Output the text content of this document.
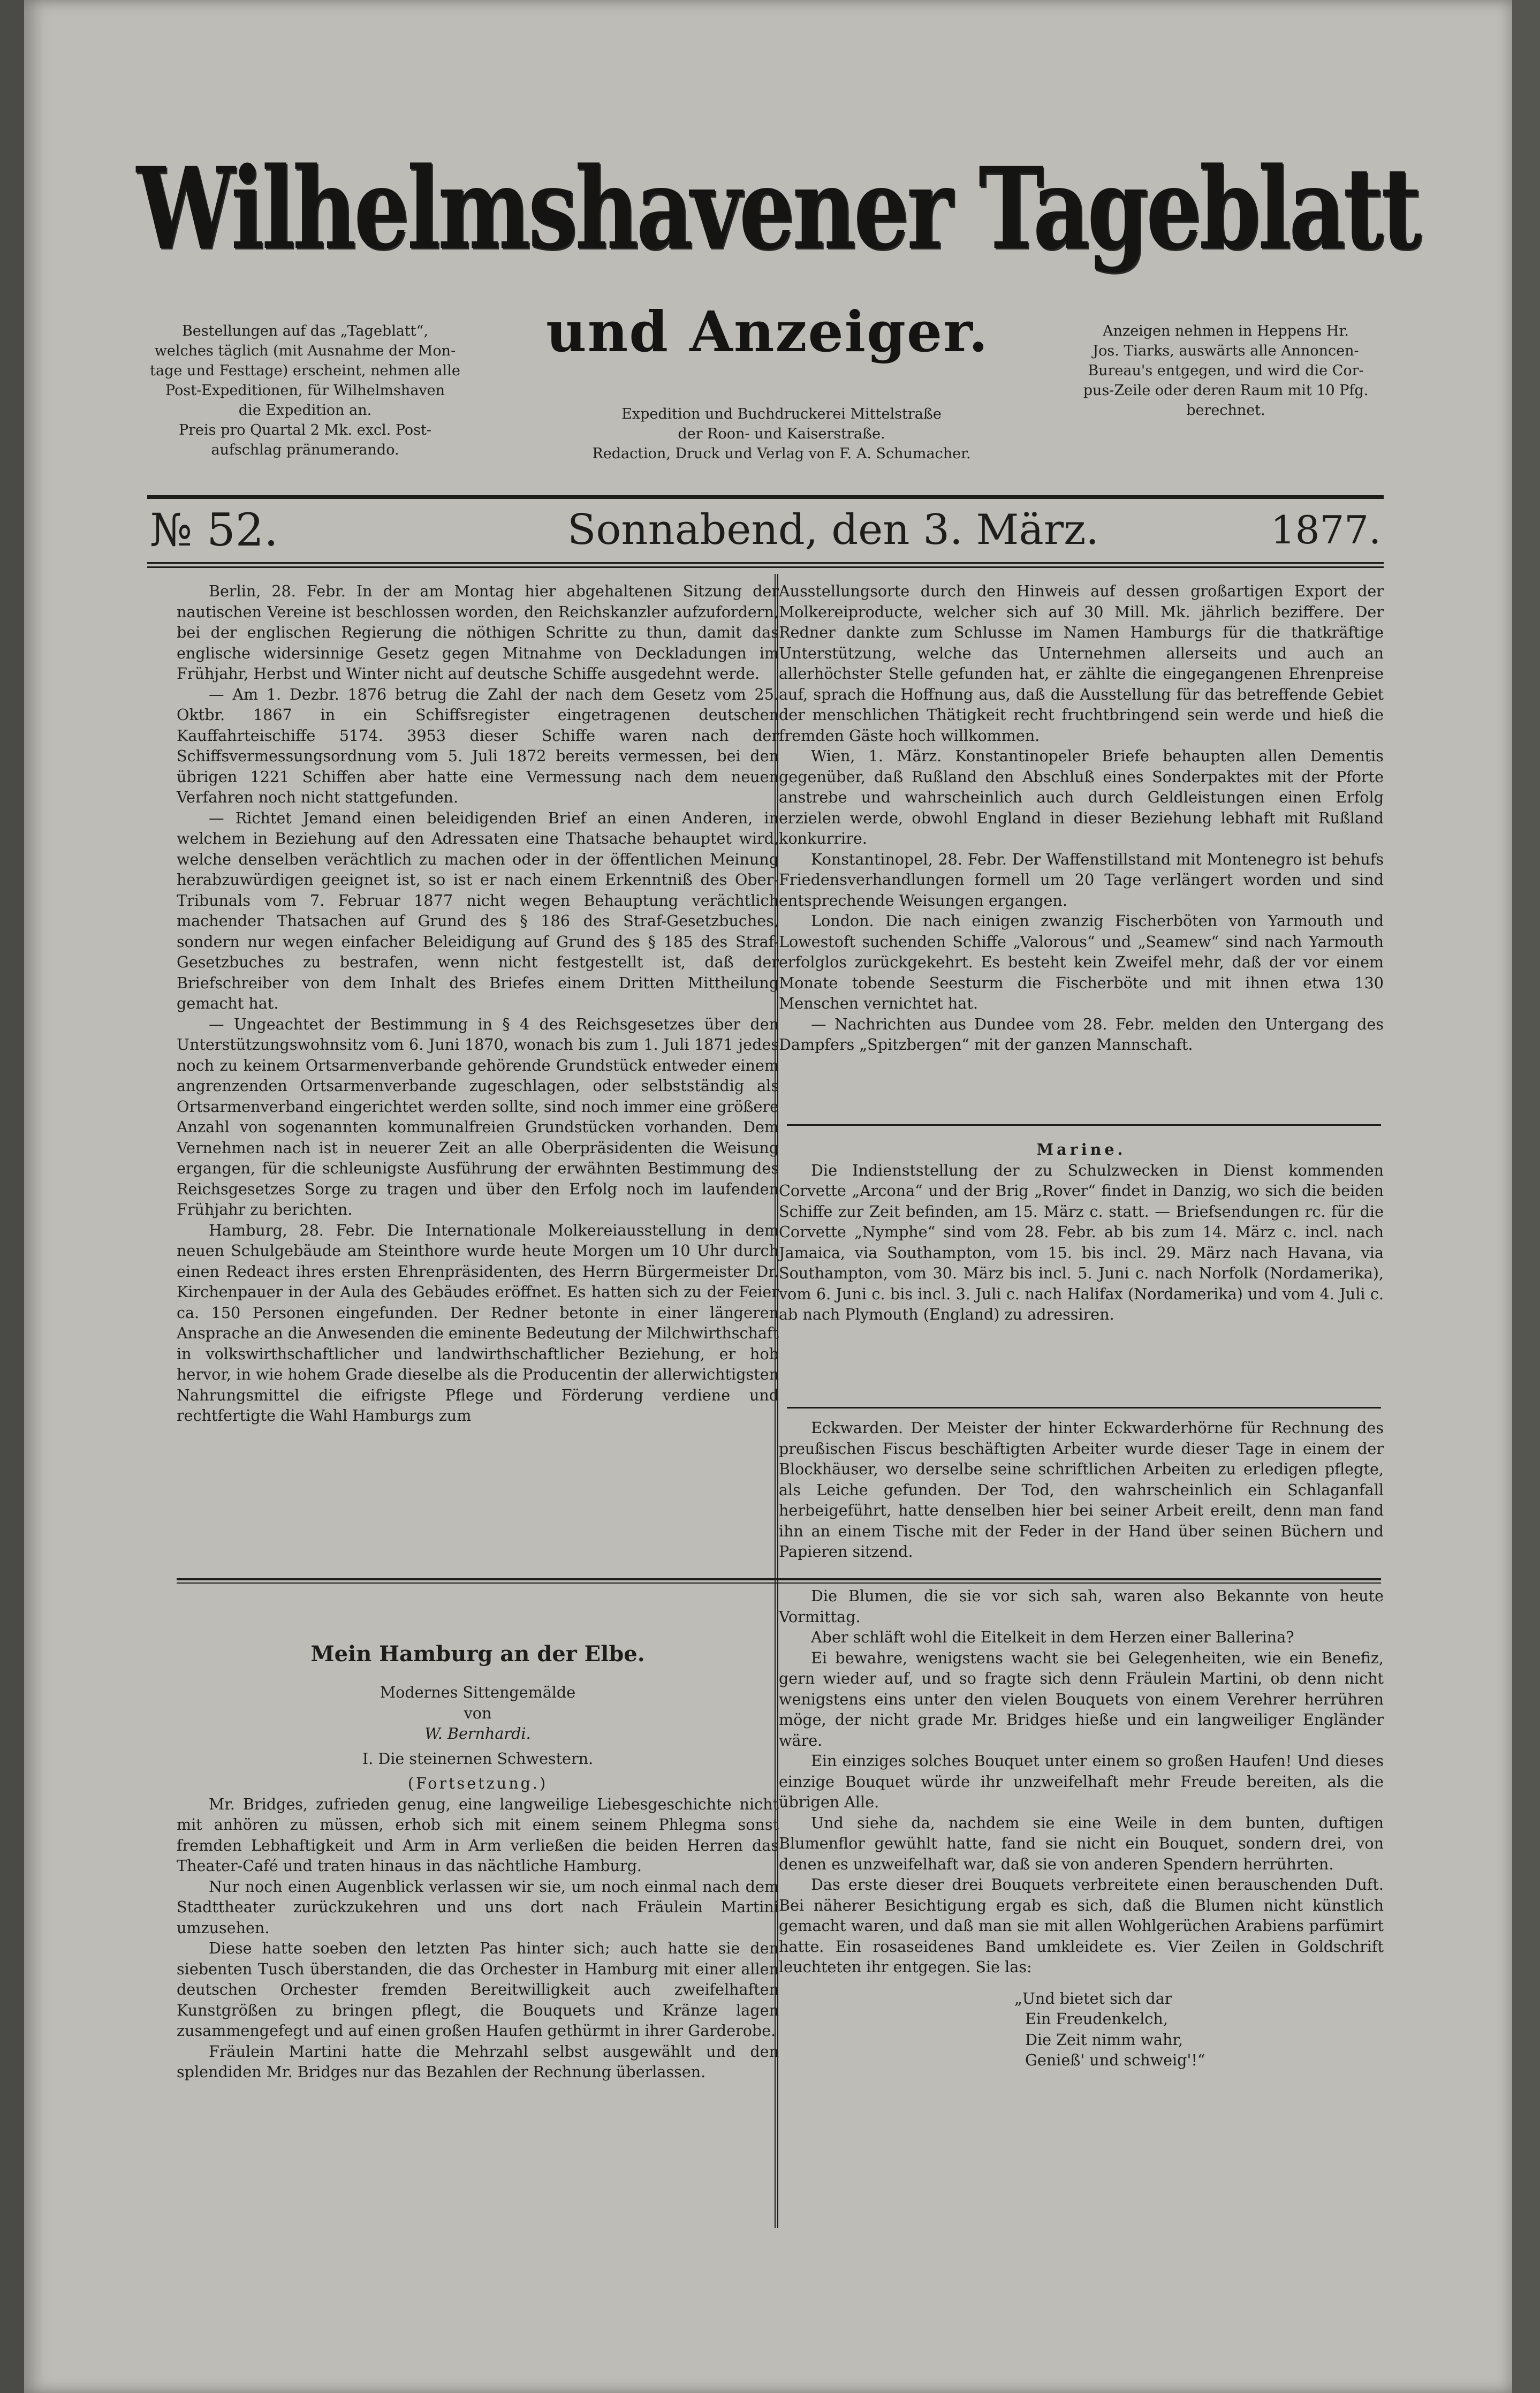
Wilhelmshavener Tageblatt
und Anzeiger.
Bestellungen auf das „Tageblatt“,
welches täglich (mit Ausnahme der Mon-
tage und Festtage) erscheint, nehmen alle
Post-Expeditionen, für Wilhelmshaven
die Expedition an.
Preis pro Quartal 2 Mk. excl. Post-
aufschlag pränumerando.
Anzeigen nehmen in Heppens Hr.
Jos. Tiarks, auswärts alle Annoncen-
Bureau's entgegen, und wird die Cor-
pus-Zeile oder deren Raum mit 10 Pfg.
berechnet.
Expedition und Buchdruckerei Mittelstraße
der Roon- und Kaiserstraße.
Redaction, Druck und Verlag von F. A. Schumacher.
№ 52.	Sonnabend, den 3. März.	1877.

Berlin, 28. Febr. In der am Montag hier abgehaltenen Sitzung der nautischen Vereine ist beschlossen worden, den Reichskanzler aufzufordern, bei der englischen Regierung die nöthigen Schritte zu thun, damit das englische widersinnige Gesetz gegen Mitnahme von Deckladungen im Frühjahr, Herbst und Winter nicht auf deutsche Schiffe ausgedehnt werde.

— Am 1. Dezbr. 1876 betrug die Zahl der nach dem Gesetz vom 25. Oktbr. 1867 in ein Schiffsregister eingetragenen deutschen Kauffahrteischiffe 5174. 3953 dieser Schiffe waren nach der Schiffsvermessungsordnung vom 5. Juli 1872 bereits vermessen, bei den übrigen 1221 Schiffen aber hatte eine Vermessung nach dem neuen Verfahren noch nicht stattgefunden.

— Richtet Jemand einen beleidigenden Brief an einen Anderen, in welchem in Beziehung auf den Adressaten eine Thatsache behauptet wird, welche denselben verächtlich zu machen oder in der öffentlichen Meinung herabzuwürdigen geeignet ist, so ist er nach einem Erkenntniß des Ober-Tribunals vom 7. Februar 1877 nicht wegen Behauptung verächtlich machender Thatsachen auf Grund des § 186 des Straf-Gesetzbuches, sondern nur wegen einfacher Beleidigung auf Grund des § 185 des Straf-Gesetzbuches zu bestrafen, wenn nicht festgestellt ist, daß der Briefschreiber von dem Inhalt des Briefes einem Dritten Mittheilung gemacht hat.

— Ungeachtet der Bestimmung in § 4 des Reichsgesetzes über den Unterstützungswohnsitz vom 6. Juni 1870, wonach bis zum 1. Juli 1871 jedes noch zu keinem Ortsarmenverbande gehörende Grundstück entweder einem angrenzenden Ortsarmenverbande zugeschlagen, oder selbstständig als Ortsarmenverband eingerichtet werden sollte, sind noch immer eine größere Anzahl von sogenannten kommunalfreien Grundstücken vorhanden. Dem Vernehmen nach ist in neuerer Zeit an alle Oberpräsidenten die Weisung ergangen, für die schleunigste Ausführung der erwähnten Bestimmung des Reichsgesetzes Sorge zu tragen und über den Erfolg noch im laufenden Frühjahr zu berichten.

Hamburg, 28. Febr. Die Internationale Molkereiausstellung in dem neuen Schulgebäude am Steinthore wurde heute Morgen um 10 Uhr durch einen Redeact ihres ersten Ehrenpräsidenten, des Herrn Bürgermeister Dr. Kirchenpauer in der Aula des Gebäudes eröffnet. Es hatten sich zu der Feier ca. 150 Personen eingefunden. Der Redner betonte in einer längeren Ansprache an die Anwesenden die eminente Bedeutung der Milchwirthschaft in volkswirthschaftlicher und landwirthschaftlicher Beziehung, er hob hervor, in wie hohem Grade dieselbe als die Producentin der allerwichtigsten Nahrungsmittel die eifrigste Pflege und Förderung verdiene und rechtfertigte die Wahl Hamburgs zum

Ausstellungsorte durch den Hinweis auf dessen großartigen Export der Molkereiproducte, welcher sich auf 30 Mill. Mk. jährlich beziffere. Der Redner dankte zum Schlusse im Namen Hamburgs für die thatkräftige Unterstützung, welche das Unternehmen allerseits und auch an allerhöchster Stelle gefunden hat, er zählte die eingegangenen Ehrenpreise auf, sprach die Hoffnung aus, daß die Ausstellung für das betreffende Gebiet der menschlichen Thätigkeit recht fruchtbringend sein werde und hieß die fremden Gäste hoch willkommen.

Wien, 1. März. Konstantinopeler Briefe behaupten allen Dementis gegenüber, daß Rußland den Abschluß eines Sonderpaktes mit der Pforte anstrebe und wahrscheinlich auch durch Geldleistungen einen Erfolg erzielen werde, obwohl England in dieser Beziehung lebhaft mit Rußland konkurrire.

Konstantinopel, 28. Febr. Der Waffenstillstand mit Montenegro ist behufs Friedensverhandlungen formell um 20 Tage verlängert worden und sind entsprechende Weisungen ergangen.

London. Die nach einigen zwanzig Fischerböten von Yarmouth und Lowestoft suchenden Schiffe „Valorous“ und „Seamew“ sind nach Yarmouth erfolglos zurückgekehrt. Es besteht kein Zweifel mehr, daß der vor einem Monate tobende Seesturm die Fischerböte und mit ihnen etwa 130 Menschen vernichtet hat.

— Nachrichten aus Dundee vom 28. Febr. melden den Untergang des Dampfers „Spitzbergen“ mit der ganzen Mannschaft.

Marine.

Die Indienststellung der zu Schulzwecken in Dienst kommenden Corvette „Arcona“ und der Brig „Rover“ findet in Danzig, wo sich die beiden Schiffe zur Zeit befinden, am 15. März c. statt. — Briefsendungen rc. für die Corvette „Nymphe“ sind vom 28. Febr. ab bis zum 14. März c. incl. nach Jamaica, via Southampton, vom 15. bis incl. 29. März nach Havana, via Southampton, vom 30. März bis incl. 5. Juni c. nach Norfolk (Nordamerika), vom 6. Juni c. bis incl. 3. Juli c. nach Halifax (Nordamerika) und vom 4. Juli c. ab nach Plymouth (England) zu adressiren.

Eckwarden. Der Meister der hinter Eckwarderhörne für Rechnung des preußischen Fiscus beschäftigten Arbeiter wurde dieser Tage in einem der Blockhäuser, wo derselbe seine schriftlichen Arbeiten zu erledigen pflegte, als Leiche gefunden. Der Tod, den wahrscheinlich ein Schlaganfall herbeigeführt, hatte denselben hier bei seiner Arbeit ereilt, denn man fand ihn an einem Tische mit der Feder in der Hand über seinen Büchern und Papieren sitzend.

Mein Hamburg an der Elbe.

Modernes Sittengemälde

von

W. Bernhardi.

I. Die steinernen Schwestern.

(Fortsetzung.)

Mr. Bridges, zufrieden genug, eine langweilige Liebesgeschichte nicht mit anhören zu müssen, erhob sich mit einem seinem Phlegma sonst fremden Lebhaftigkeit und Arm in Arm verließen die beiden Herren das Theater-Café und traten hinaus in das nächtliche Hamburg.

Nur noch einen Augenblick verlassen wir sie, um noch einmal nach dem Stadttheater zurückzukehren und uns dort nach Fräulein Martini umzusehen.

Diese hatte soeben den letzten Pas hinter sich; auch hatte sie den siebenten Tusch überstanden, die das Orchester in Hamburg mit einer allen deutschen Orchester fremden Bereitwilligkeit auch zweifelhaften Kunstgrößen zu bringen pflegt, die Bouquets und Kränze lagen zusammengefegt und auf einen großen Haufen gethürmt in ihrer Garderobe.

Fräulein Martini hatte die Mehrzahl selbst ausgewählt und den splendiden Mr. Bridges nur das Bezahlen der Rechnung überlassen.

Die Blumen, die sie vor sich sah, waren also Bekannte von heute Vormittag.

Aber schläft wohl die Eitelkeit in dem Herzen einer Ballerina?

Ei bewahre, wenigstens wacht sie bei Gelegenheiten, wie ein Benefiz, gern wieder auf, und so fragte sich denn Fräulein Martini, ob denn nicht wenigstens eins unter den vielen Bouquets von einem Verehrer herrühren möge, der nicht grade Mr. Bridges hieße und ein langweiliger Engländer wäre.

Ein einziges solches Bouquet unter einem so großen Haufen! Und dieses einzige Bouquet würde ihr unzweifelhaft mehr Freude bereiten, als die übrigen Alle.

Und siehe da, nachdem sie eine Weile in dem bunten, duftigen Blumenflor gewühlt hatte, fand sie nicht ein Bouquet, sondern drei, von denen es unzweifelhaft war, daß sie von anderen Spendern herrührten.

Das erste dieser drei Bouquets verbreitete einen berauschenden Duft. Bei näherer Besichtigung ergab es sich, daß die Blumen nicht künstlich gemacht waren, und daß man sie mit allen Wohlgerüchen Arabiens parfümirt hatte. Ein rosaseidenes Band umkleidete es. Vier Zeilen in Goldschrift leuchteten ihr entgegen. Sie las:

„Und bietet sich dar

Ein Freudenkelch,

Die Zeit nimm wahr,

Genieß' und schweig'!“
